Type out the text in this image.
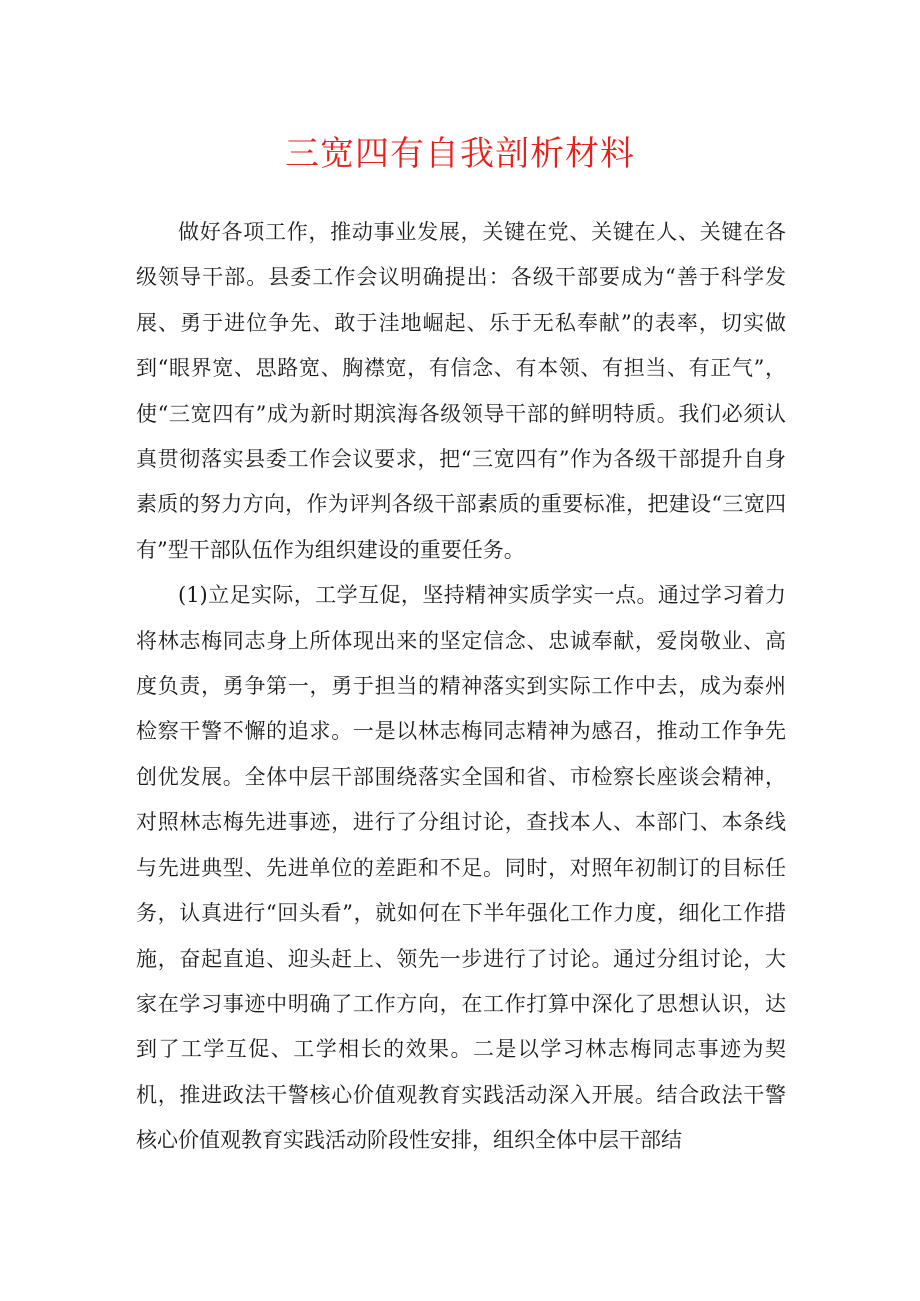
三宽四有自我剖析材料

做好各项工作，推动事业发展，关键在党、关键在人、关键在各级领导干部。县委工作会议明确提出：各级干部要成为“善于科学发展、勇于进位争先、敢于洼地崛起、乐于无私奉献”的表率，切实做到“眼界宽、思路宽、胸襟宽，有信念、有本领、有担当、有正气”，使“三宽四有”成为新时期滨海各级领导干部的鲜明特质。我们必须认真贯彻落实县委工作会议要求，把“三宽四有”作为各级干部提升自身素质的努力方向，作为评判各级干部素质的重要标准，把建设“三宽四有”型干部队伍作为组织建设的重要任务。

(1)立足实际，工学互促，坚持精神实质学实一点。通过学习着力将林志梅同志身上所体现出来的坚定信念、忠诚奉献，爱岗敬业、高度负责，勇争第一，勇于担当的精神落实到实际工作中去，成为泰州检察干警不懈的追求。一是以林志梅同志精神为感召，推动工作争先创优发展。全体中层干部围绕落实全国和省、市检察长座谈会精神，对照林志梅先进事迹，进行了分组讨论，查找本人、本部门、本条线与先进典型、先进单位的差距和不足。同时，对照年初制订的目标任务，认真进行“回头看”，就如何在下半年强化工作力度，细化工作措施，奋起直追、迎头赶上、领先一步进行了讨论。通过分组讨论，大家在学习事迹中明确了工作方向，在工作打算中深化了思想认识，达到了工学互促、工学相长的效果。二是以学习林志梅同志事迹为契机，推进政法干警核心价值观教育实践活动深入开展。结合政法干警核心价值观教育实践活动阶段性安排，组织全体中层干部结
